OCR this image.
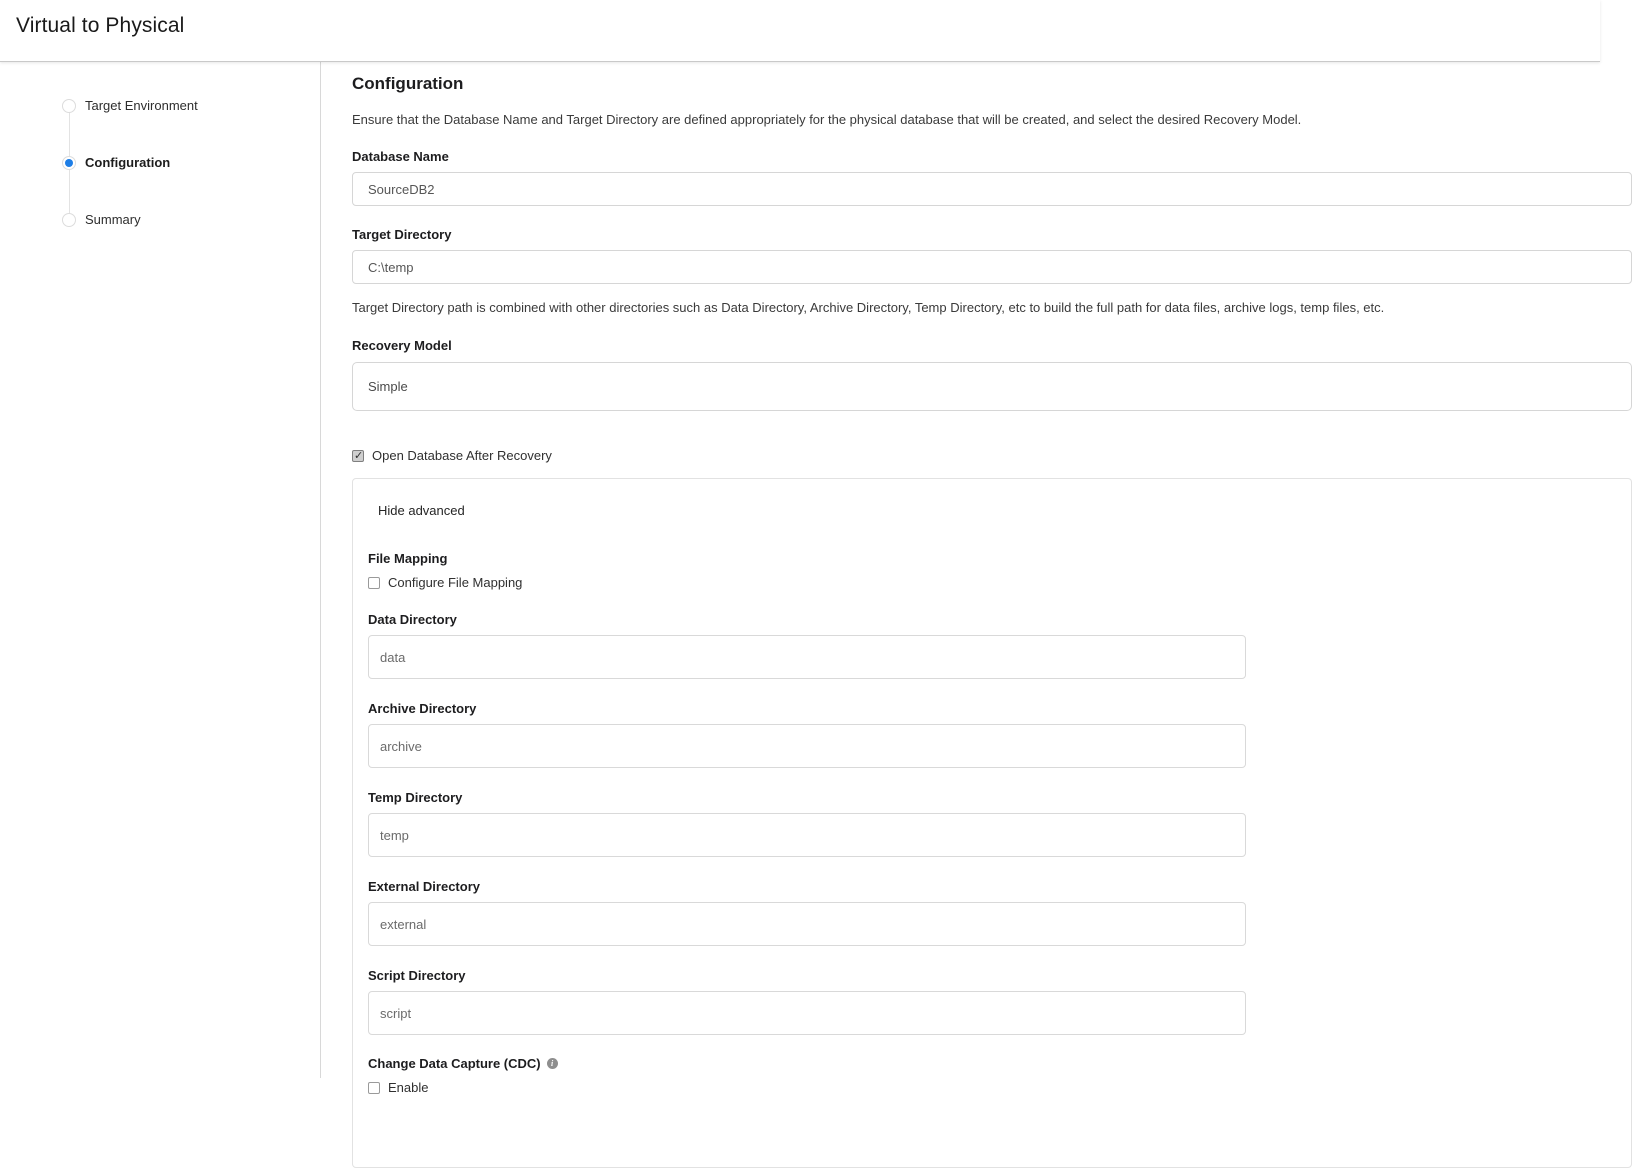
Virtual to Physical
Target Environment
Configuration
Summary
Configuration

Ensure that the Database Name and Target Directory are defined appropriately for the physical database that will be created, and select the desired Recovery Model.

Database Name
SourceDB2
Target Directory
C:\temp

Target Directory path is combined with other directories such as Data Directory, Archive Directory, Temp Directory, etc to build the full path for data files, archive logs, temp files, etc.

Recovery Model
Simple
✓
Open Database After Recovery
Hide advanced
File Mapping
Configure File Mapping
Data Directory
data
Archive Directory
archive
Temp Directory
temp
External Directory
external
Script Directory
script
Change Data Capture (CDC)	i
Enable
